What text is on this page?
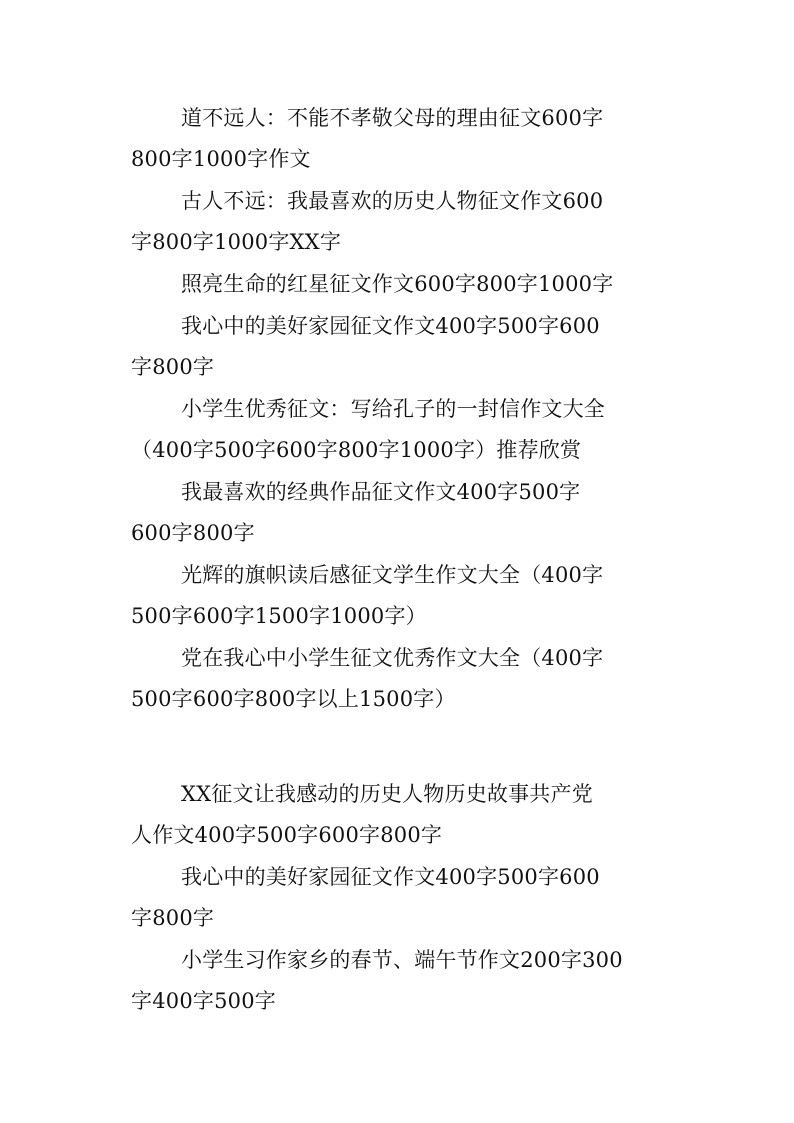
道不远人：不能不孝敬父母的理由征文600字
800字1000字作文
古人不远：我最喜欢的历史人物征文作文600
字800字1000字XX字
照亮生命的红星征文作文600字800字1000字
我心中的美好家园征文作文400字500字600
字800字
小学生优秀征文：写给孔子的一封信作文大全
（400字500字600字800字1000字）推荐欣赏
我最喜欢的经典作品征文作文400字500字
600字800字
光辉的旗帜读后感征文学生作文大全（400字
500字600字1500字1000字）
党在我心中小学生征文优秀作文大全（400字
500字600字800字以上1500字）
XX征文让我感动的历史人物历史故事共产党
人作文400字500字600字800字
我心中的美好家园征文作文400字500字600
字800字
小学生习作家乡的春节、端午节作文200字300
字400字500字
